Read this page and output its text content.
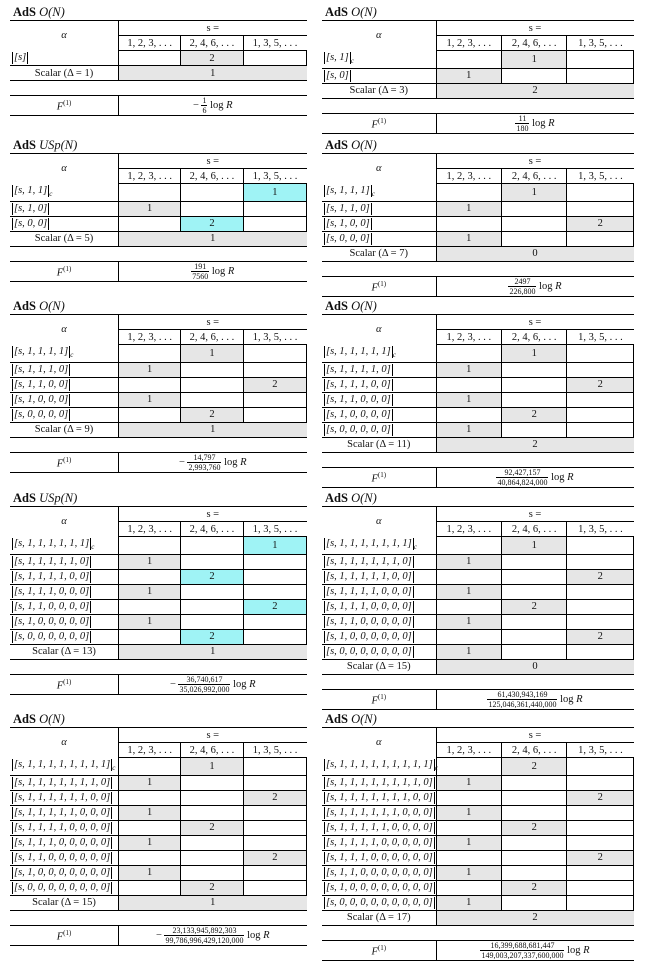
AdS O(N)
α	s =		
	1, 2, 3, . . .	2, 4, 6, . . .	1, 3, 5, . . .
[s]		2	
Scalar (Δ = 1)	1		

$F^{(1)}$	− $\frac{1}{6}$ log R		
AdS O(N)
α	s =		
	1, 2, 3, . . .	2, 4, 6, . . .	1, 3, 5, . . .
[s, 1] $_c$		1	
[s, 0]	1		
Scalar (Δ = 3)	2		

$F^{(1)}$	$\frac{11}{180}$ log R		
AdS USp(N)
α	s =		
	1, 2, 3, . . .	2, 4, 6, . . .	1, 3, 5, . . .
[s, 1, 1] $_c$			1
[s, 1, 0]	1		
[s, 0, 0]		2	
Scalar (Δ = 5)	1		

$F^{(1)}$	$\frac{191}{7560}$ log R		
AdS O(N)
α	s =		
	1, 2, 3, . . .	2, 4, 6, . . .	1, 3, 5, . . .
[s, 1, 1, 1] $_c$		1	
[s, 1, 1, 0]	1		
[s, 1, 0, 0]			2
[s, 0, 0, 0]	1		
Scalar (Δ = 7)	0		

$F^{(1)}$	$\frac{2497}{226,800}$ log R		
AdS O(N)
α	s =		
	1, 2, 3, . . .	2, 4, 6, . . .	1, 3, 5, . . .
[s, 1, 1, 1, 1] $_c$		1	
[s, 1, 1, 1, 0]	1		
[s, 1, 1, 0, 0]			2
[s, 1, 0, 0, 0]	1		
[s, 0, 0, 0, 0]		2	
Scalar (Δ = 9)	1		

$F^{(1)}$	− $\frac{14,797}{2,993,760}$ log R		
AdS O(N)
α	s =		
	1, 2, 3, . . .	2, 4, 6, . . .	1, 3, 5, . . .
[s, 1, 1, 1, 1, 1] $_c$		1	
[s, 1, 1, 1, 1, 0]	1		
[s, 1, 1, 1, 0, 0]			2
[s, 1, 1, 0, 0, 0]	1		
[s, 1, 0, 0, 0, 0]		2	
[s, 0, 0, 0, 0, 0]	1		
Scalar (Δ = 11)	2		

$F^{(1)}$	$\frac{92,427,157}{40,864,824,000}$ log R		
AdS USp(N)
α	s =		
	1, 2, 3, . . .	2, 4, 6, . . .	1, 3, 5, . . .
[s, 1, 1, 1, 1, 1, 1] $_c$			1
[s, 1, 1, 1, 1, 1, 0]	1		
[s, 1, 1, 1, 1, 0, 0]		2	
[s, 1, 1, 1, 0, 0, 0]	1		
[s, 1, 1, 0, 0, 0, 0]			2
[s, 1, 0, 0, 0, 0, 0]	1		
[s, 0, 0, 0, 0, 0, 0]		2	
Scalar (Δ = 13)	1		

$F^{(1)}$	− $\frac{36,740,617}{35,026,992,000}$ log R		
AdS O(N)
α	s =		
	1, 2, 3, . . .	2, 4, 6, . . .	1, 3, 5, . . .
[s, 1, 1, 1, 1, 1, 1, 1] $_c$		1	
[s, 1, 1, 1, 1, 1, 1, 0]	1		
[s, 1, 1, 1, 1, 1, 0, 0]			2
[s, 1, 1, 1, 1, 0, 0, 0]	1		
[s, 1, 1, 1, 0, 0, 0, 0]		2	
[s, 1, 1, 0, 0, 0, 0, 0]	1		
[s, 1, 0, 0, 0, 0, 0, 0]			2
[s, 0, 0, 0, 0, 0, 0, 0]	1		
Scalar (Δ = 15)	0		

$F^{(1)}$	$\frac{61,430,943,169}{125,046,361,440,000}$ log R		
AdS O(N)
α	s =		
	1, 2, 3, . . .	2, 4, 6, . . .	1, 3, 5, . . .
[s, 1, 1, 1, 1, 1, 1, 1, 1] $_c$		1	
[s, 1, 1, 1, 1, 1, 1, 1, 0]	1		
[s, 1, 1, 1, 1, 1, 1, 0, 0]			2
[s, 1, 1, 1, 1, 1, 0, 0, 0]	1		
[s, 1, 1, 1, 1, 0, 0, 0, 0]		2	
[s, 1, 1, 1, 0, 0, 0, 0, 0]	1		
[s, 1, 1, 0, 0, 0, 0, 0, 0]			2
[s, 1, 0, 0, 0, 0, 0, 0, 0]	1		
[s, 0, 0, 0, 0, 0, 0, 0, 0]		2	
Scalar (Δ = 15)	1		

$F^{(1)}$	− $\frac{23,133,945,892,303}{99,786,996,429,120,000}$ log R		
AdS O(N)
α	s =		
	1, 2, 3, . . .	2, 4, 6, . . .	1, 3, 5, . . .
[s, 1, 1, 1, 1, 1, 1, 1, 1, 1] $_c$		2	
[s, 1, 1, 1, 1, 1, 1, 1, 1, 0]	1		
[s, 1, 1, 1, 1, 1, 1, 1, 0, 0]			2
[s, 1, 1, 1, 1, 1, 1, 0, 0, 0]	1		
[s, 1, 1, 1, 1, 1, 0, 0, 0, 0]		2	
[s, 1, 1, 1, 1, 0, 0, 0, 0, 0]	1		
[s, 1, 1, 1, 0, 0, 0, 0, 0, 0]			2
[s, 1, 1, 0, 0, 0, 0, 0, 0, 0]	1		
[s, 1, 0, 0, 0, 0, 0, 0, 0, 0]		2	
[s, 0, 0, 0, 0, 0, 0, 0, 0, 0]	1		
Scalar (Δ = 17)	2		

$F^{(1)}$	$\frac{16,399,688,681,447}{149,003,207,337,600,000}$ log R		
